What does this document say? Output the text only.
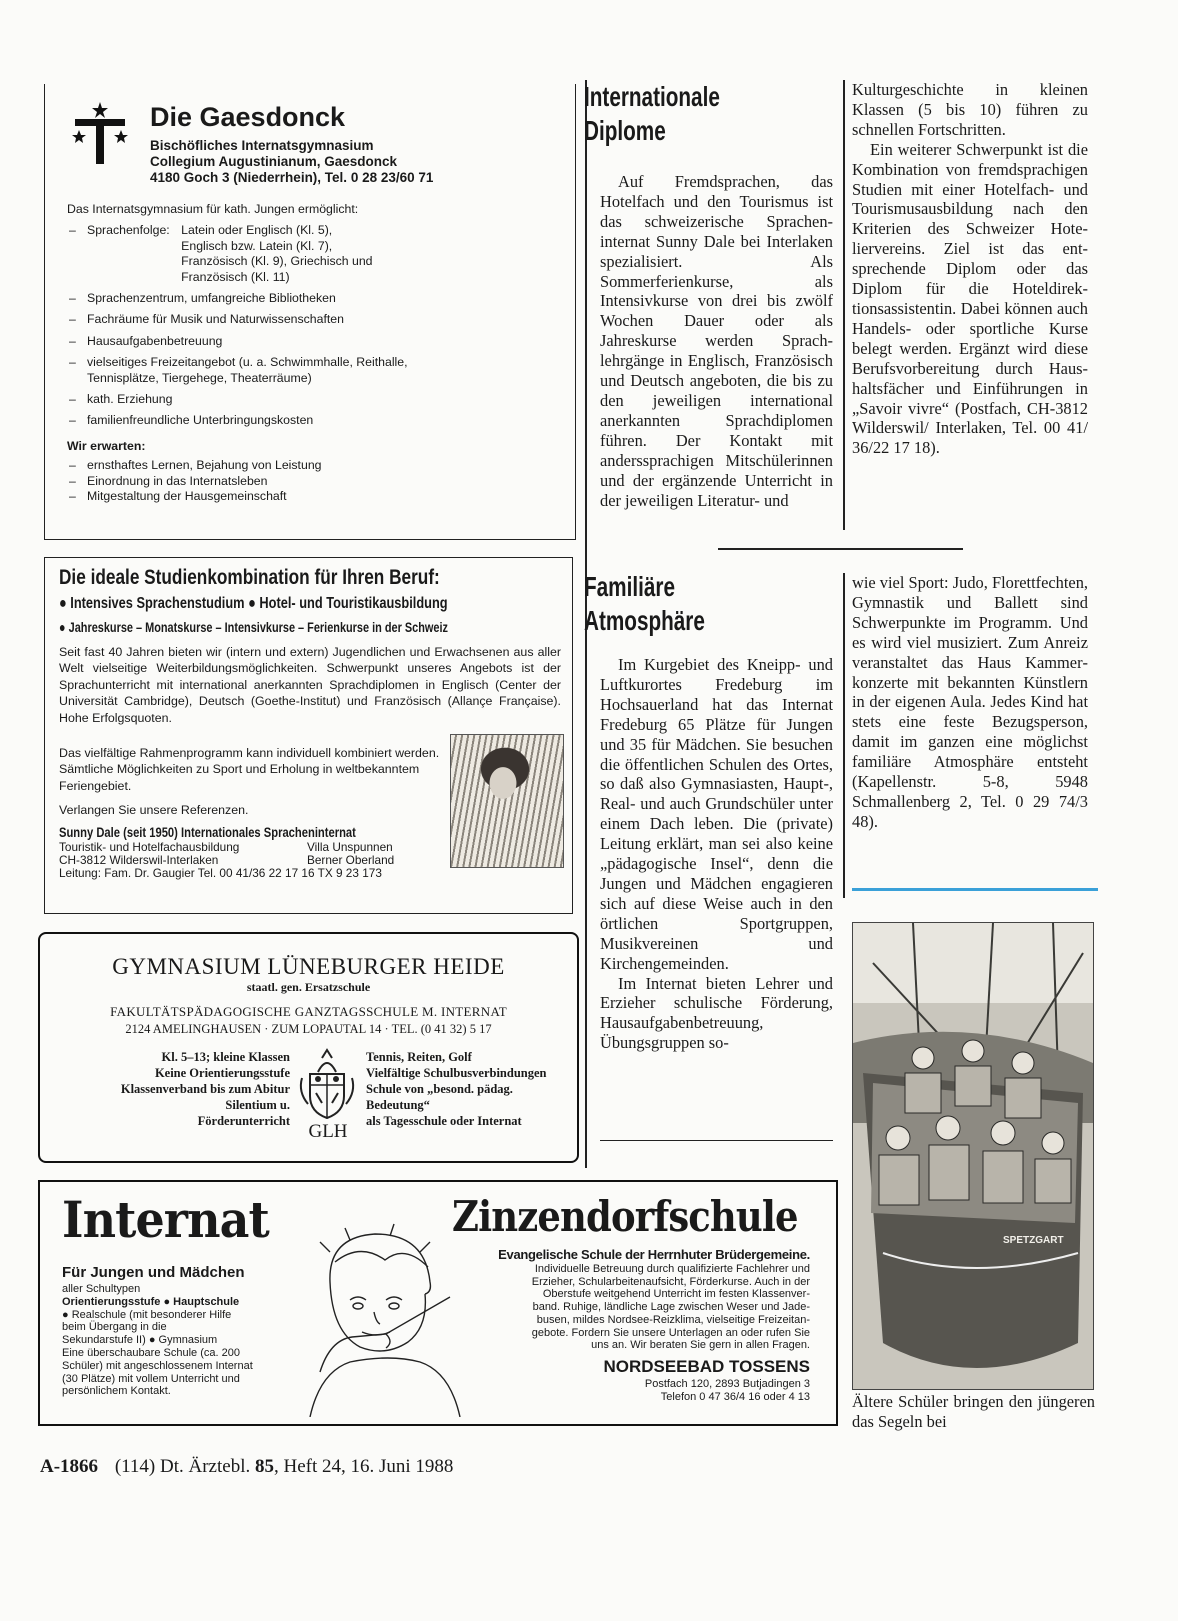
Die Gaesdonck
Bischöfliches Internatsgymnasium
Collegium Augustinianum, Gaesdonck
4180 Goch 3 (Niederrhein), Tel. 0 28 23/60 71
Das Internatsgymnasium für kath. Jungen ermöglicht:
– Sprachenfolge: Latein oder Englisch (Kl. 5),
Englisch bzw. Latein (Kl. 7),
Französisch (Kl. 9), Griechisch und
Französisch (Kl. 11)
– Sprachenzentrum, umfangreiche Bibliotheken
– Fachräume für Musik und Naturwissenschaften
– Hausaufgabenbetreuung
– vielseitiges Freizeitangebot (u. a. Schwimmhalle, Reithalle,
Tennisplätze, Tiergehege, Theaterräume)
– kath. Erziehung
– familienfreundliche Unterbringungskosten
Wir erwarten:
– ernsthaftes Lernen, Bejahung von Leistung
– Einordnung in das Internatsleben
– Mitgestaltung der Hausgemeinschaft
Die ideale Studienkombination für Ihren Beruf:
● Intensives Sprachenstudium ● Hotel- und Touristikausbildung
● Jahreskurse – Monatskurse – Intensivkurse – Ferienkurse in der Schweiz
Seit fast 40 Jahren bieten wir (intern und extern) Jugendlichen und Erwachsenen aus aller Welt vielseitige Weiterbildungsmöglichkeiten. Schwerpunkt unseres Angebots ist der Sprachunterricht mit international anerkannten Sprachdiplomen in Englisch (Center der Universität Cambridge), Deutsch (Goethe-Institut) und Französisch (Allançe Française). Hohe Erfolgsquoten.
Das vielfältige Rahmenprogramm kann individuell kombiniert werden. Sämtliche Möglichkeiten zu Sport und Erholung in weltbekanntem Feriengebiet.
Verlangen Sie unsere Referenzen.
Sunny Dale (seit 1950) Internationales Spracheninternat
Touristik- und Hotelfachausbildung	Villa Unspunnen
CH-3812 Wilderswil-Interlaken	Berner Oberland
Leitung: Fam. Dr. Gaugier Tel. 00 41/36 22 17 16 TX 9 23 173
GYMNASIUM LÜNEBURGER HEIDE
staatl. gen. Ersatzschule
FAKULTÄTSPÄDAGOGISCHE GANZTAGSSCHULE M. INTERNAT
2124 AMELINGHAUSEN · ZUM LOPAUTAL 14 · TEL. (0 41 32) 5 17
Kl. 5–13; kleine Klassen
Keine Orientierungsstufe
Klassenverband bis zum Abitur
Silentium u.
Förderunterricht GLH
Tennis, Reiten, Golf
Vielfältige Schulbusverbindungen
Schule von „besond. pädag.
Bedeutung“
als Tagesschule oder Internat
Internat	Zinzendorfschule
Für Jungen und Mädchen
aller Schultypen
Orientierungsstufe ● Hauptschule
● Realschule (mit besonderer Hilfe
beim Übergang in die
Sekundarstufe II) ● Gymnasium
Eine überschaubare Schule (ca. 200
Schüler) mit angeschlossenem Internat
(30 Plätze) mit vollem Unterricht und
persönlichem Kontakt.
Evangelische Schule der Herrnhuter Brüdergemeine.
Individuelle Betreuung durch qualifizierte Fachlehrer und
Erzieher, Schularbeitenaufsicht, Förderkurse. Auch in der
Oberstufe weitgehend Unterricht im festen Klassenver-
band. Ruhige, ländliche Lage zwischen Weser und Jade-
busen, mildes Nordsee-Reizklima, vielseitige Freizeitan-
gebote. Fordern Sie unsere Unterlagen an oder rufen Sie
uns an. Wir beraten Sie gern in allen Fragen.
NORDSEEBAD TOSSENS
Postfach 120, 2893 Butjadingen 3
Telefon 0 47 36/4 16 oder 4 13
Internationale
Diplome

Auf Fremdsprachen, das Hotelfach und den Tourismus ist das schweizerische Spracheninternat Sunny Dale bei Interlaken spezialisiert. Als Sommerferienkurse, als Intensivkurse von drei bis zwölf Wochen Dauer oder als Jahreskurse werden Sprachlehrgänge in Englisch, Französisch und Deutsch angeboten, die bis zu den jeweiligen international anerkannten Sprachdiplomen führen. Der Kontakt mit anderssprachigen Mitschülerinnen und der ergänzende Unterricht in der jeweiligen Literatur- und

Kulturgeschichte in kleinen Klassen (5 bis 10) führen zu schnellen Fortschritten.

Ein weiterer Schwerpunkt ist die Kombination von fremdsprachigen Studien mit einer Hotelfach- und Tourismusausbildung nach den Kriterien des Schweizer Hoteliervereins. Ziel ist das entsprechende Diplom oder das Diplom für die Hoteldirektionsassistentin. Dabei können auch Handels- oder sportliche Kurse belegt werden. Ergänzt wird diese Berufsvorbereitung durch Haushaltsfächer und Einführungen in „Savoir vivre“ (Postfach, CH-3812 Wilderswil/ Interlaken, Tel. 00 41/ 36/22 17 18).

Familiäre
Atmosphäre

Im Kurgebiet des Kneipp- und Luftkurortes Fredeburg im Hochsauerland hat das Internat Fredeburg 65 Plätze für Jungen und 35 für Mädchen. Sie besuchen die öffentlichen Schulen des Ortes, so daß also Gymnasiasten, Haupt-, Real- und auch Grundschüler unter einem Dach leben. Die (private) Leitung erklärt, man sei also keine „pädagogische Insel“, denn die Jungen und Mädchen engagieren sich auf diese Weise auch in den örtlichen Sportgruppen, Musikvereinen und Kirchengemeinden.

Im Internat bieten Lehrer und Erzieher schulische Förderung, Hausaufgabenbetreuung, Übungsgruppen so-

wie viel Sport: Judo, Florettfechten, Gymnastik und Ballett sind Schwerpunkte im Programm. Und es wird viel musiziert. Zum Anreiz veranstaltet das Haus Kammerkonzerte mit bekannten Künstlern in der eigenen Aula. Jedes Kind hat stets eine feste Bezugsperson, damit im ganzen eine möglichst familiäre Atmosphäre entsteht (Kapellenstr. 5-8, 5948 Schmallenberg 2, Tel. 0 29 74/3 48).

SPETZGART
Ältere Schüler bringen den jüngeren das Segeln bei
A-1866 (114) Dt. Ärztebl. 85, Heft 24, 16. Juni 1988
